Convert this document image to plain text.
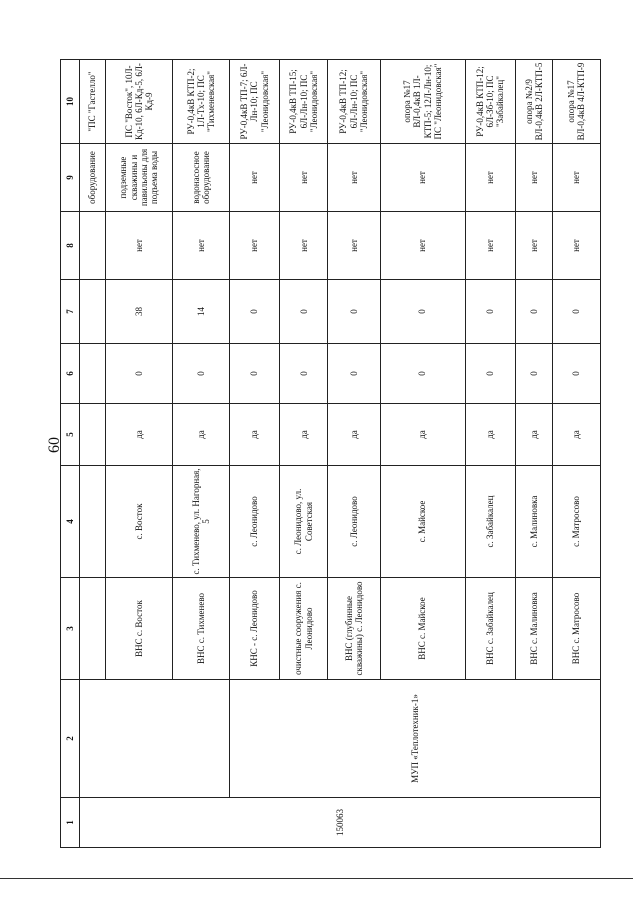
60
1	2	3	4	5	6	7	8	9	10
150063								оборудование	"ПС "Гастелло"
		ВНС с. Восток	с. Восток	да	0	38	нет	подземные скважины и павильоны для подъема воды	ПС "Восток", 10Л-Кд-10, 6Л-Кд-5, 6Л-Кд-9
		ВНС с. Тихменево	с. Тихменево, ул. Нагорная, 5	да	0	14	нет	водонасосное оборудование	РУ-0,4кВ КТП-2; 1Л-Тх-10; ПС "Тихменевская"
	МУП «Теплотехник-1»	КНС - с. Леонидово	с. Леонидово	да	0	0	нет	нет	РУ-0,4кВ ТП-7; 6Л-Лн-10; ПС "Леонидовская"
		очистные сооружения с. Леонидово	с. Леонидово, ул. Советская	да	0	0	нет	нет	РУ-0,4кВ ТП-15; 6Л-Лн-10; ПС "Леонидовская"
		ВНС (глубинные скважины) с. Леонидово	с. Леонидово	да	0	0	нет	нет	РУ-0,4кВ ТП-12; 6Л-Лн-10; ПС "Леонидовская"
		ВНС с. Майское	с. Майское	да	0	0	нет	нет	опора №17 ВЛ-0,4кВ 1Л-КТП-5; 12Л-Лн-10; ПС "Леонидовская"
		ВНС с. Забайкалец	с. Забайкалец	да	0	0	нет	нет	РУ-0,4кВ КТП-12; 6Л-Зб-10; ПС "Забайкалец"
		ВНС с. Малиновка	с. Малиновка	да	0	0	нет	нет	опора №2/9 ВЛ-0,4кВ 2Л-КТП-5
		ВНС с. Матросово	с. Матросово	да	0	0	нет	нет	опора №17 ВЛ-0,4кВ 4Л-КТП-9
